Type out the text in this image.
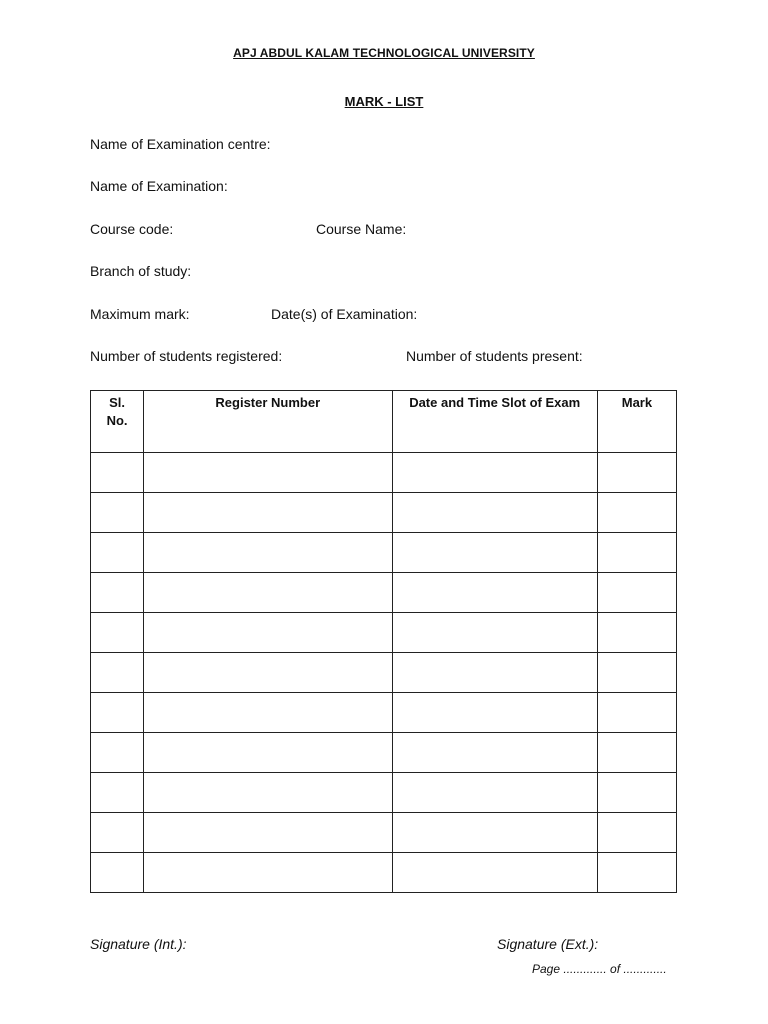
APJ ABDUL KALAM TECHNOLOGICAL UNIVERSITY
MARK - LIST
Name of Examination centre:
Name of Examination:
Course code:	Course Name:
Branch of study:
Maximum mark:	Date(s) of Examination:
Number of students registered:	Number of students present:
Sl.
No.	Register Number	Date and Time Slot of Exam	Mark

Signature (Int.):	Signature (Ext.):
Page ............. of .............
